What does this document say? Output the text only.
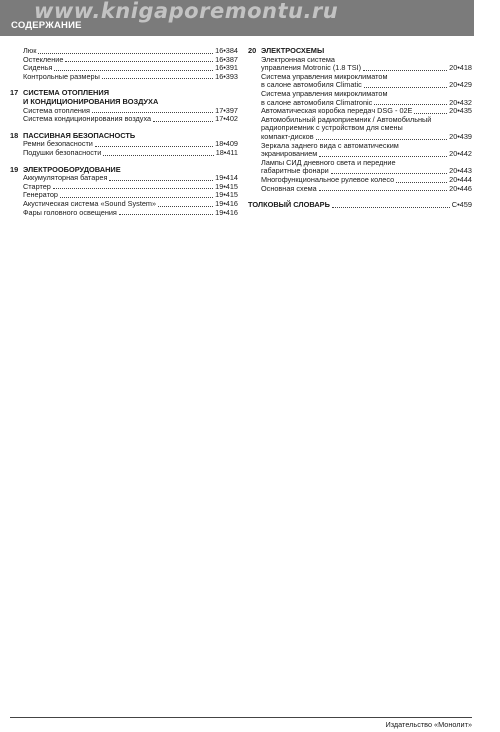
www.knigaporemontu.ru
СОДЕРЖАНИЕ
Люк	16•384
Остекление	16•387
Сиденья	16•391
Контрольные размеры	16•393
17 СИСТЕМА ОТОПЛЕНИЯ
И КОНДИЦИОНИРОВАНИЯ ВОЗДУХА
Система отопления	17•397
Система кондиционирования воздуха	17•402
18 ПАССИВНАЯ БЕЗОПАСНОСТЬ
Ремни безопасности	18•409
Подушки безопасности	18•411
19 ЭЛЕКТРООБОРУДОВАНИЕ
Аккумуляторная батарея	19•414
Стартер	19•415
Генератор	19•415
Акустическая система «Sound System»	19•416
Фары головного освещения	19•416
20 ЭЛЕКТРОСХЕМЫ
Электронная система
управления Motronic (1.8 TSI)	20•418
Система управления микроклиматом
в салоне автомобиля Climatic	20•429
Система управления микроклиматом
в салоне автомобиля Climatronic	20•432
Автоматическая коробка передач DSG - 02E	20•435
Автомобильный радиоприемник / Автомобильный
радиоприемник с устройством для смены
компакт-дисков	20•439
Зеркала заднего вида с автоматическим
экранированием	20•442
Лампы СИД дневного света и передние
габаритные фонари	20•443
Многофункциональное рулевое колесо	20•444
Основная схема	20•446
ТОЛКОВЫЙ СЛОВАРЬ	С•459
Издательство «Монолит»
